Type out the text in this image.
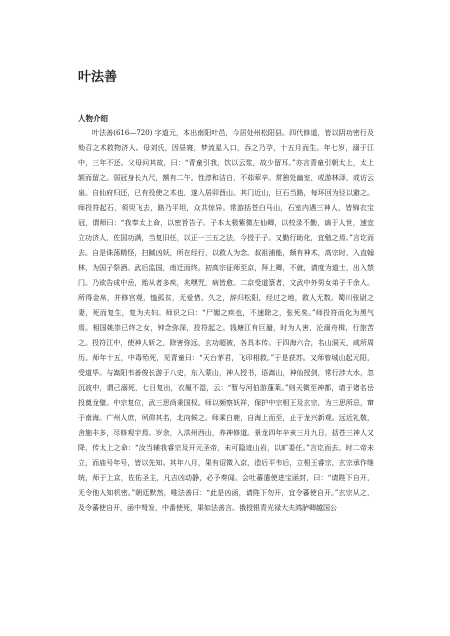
叶法善
人物介绍

叶法善(616—720) 字道元，本出南阳叶邑，今居处州松阳县。四代修道，皆以阴功密行及劾召之术救物济人。母刘氏，因昼寝，梦流星入口，吞之乃孕，十五月而生。年七岁，溺于江中，三年不还。父母问其故，曰：“青童引我，饮以云浆，故少留耳。”亦言青童引朝太上，太上颔而留之。弱冠身长九尺，额有二午。性淳和洁白，不茹荤辛。常独处幽室，或游林泽，或访云泉。自仙府归还，已有役使之术也，遂入居卯酉山。其门近山，巨石当路，每环回为径以避之。师投符起石，须臾飞去，路乃平坦，众共惊异。常游括苍白马山，石室内遇三神人，皆锦衣宝冠，谓师曰：“我奉太上命，以密旨告子。子本太极紫微左仙卿，以校录不勤，谪于人世，速宜立功济人，佐国功满，当复旧任，以正一三五之法，今授于子。又勤行助化，宜勉之焉。”言讫而去。自是诛荡精怪，扫馘凶妖，所在经行，以救人为念。叔祖浦能，颇有神术，高宗时，入直翰林，为国子祭酒。武后监国，南迁而终。初高宗征师至京，拜上卿，不就，请度为道士，出入禁门。乃欲告成中岳，贻从者多疾，兆嘿咒，病皆愈。二京受道箓者，文武中外男女弟子千余人。所得金帛，并修宫观，恤孤贫，无爱惜。久之，辞归松阳，经过之地，救人无数。蜀川张尉之妻，死而复生，复为夫妇。师识之曰：“尸媚之疾也，不速除之，张死矣。”师投符而化为黑气焉。相国姚崇已终之女，钟念弥深，投符起之。钱塘江有巨蜃，时为人害，沦溺舟楫，行旅苦之。投符江中，使神人斩之，除害弥远，玄功超被，各具本传。于四海六合，名山洞天，咸所周历。师年十五，中毒殆死，见青童曰：“天台茅君，飞印相救。”于是获苏。又师曾城山起元阳，受道毕。与嵩阳韦善俊长游于八史，东入蒙山，神人授书，语嵩山，神仙授剑，常行涉大水，忽沉波中，谓己溺死，七日复出，衣履不湿，云：“暂与河伯游蓬莱。”则天微至神都，请于诸名岳投奠龙璧。中宗复位，武三思尚秉国权。师以频察妖祥，保护中宗相王及玄宗，为三思所忌，窜于南海。广州人庶，夙仰其名，北向候之。师乘白鹿，自海上而至，止于龙兴新观。远近礼敬，舍施丰多，尽修观宇焉。岁余，入洪州西山，养神修道。景龙四年辛亥三月九日，括苍三神人又降，传太上之命：“汝当辅我睿宗及开元圣帝，未可隐迹山岩，以旷委任。”言讫而去。时二帝未立，而庙号年号，皆以先知。其年八月，果有诏徵入京，造后平韦后，立相王睿宗，玄宗承作继统，师于上京，佐佑圣主，凡吉凶动静，必予奏闻。会吐蕃遣使进宝函封，曰：“请陛下自开，无令他人知机密。”朝廷默然，唯法善曰：“此是凶函，请陛下勿开，宜令蕃使自开。”玄宗从之，及令蕃使自开，函中弩发，中番使死，果如法善言。俄授银青光禄大夫鸿胪卿越国公
